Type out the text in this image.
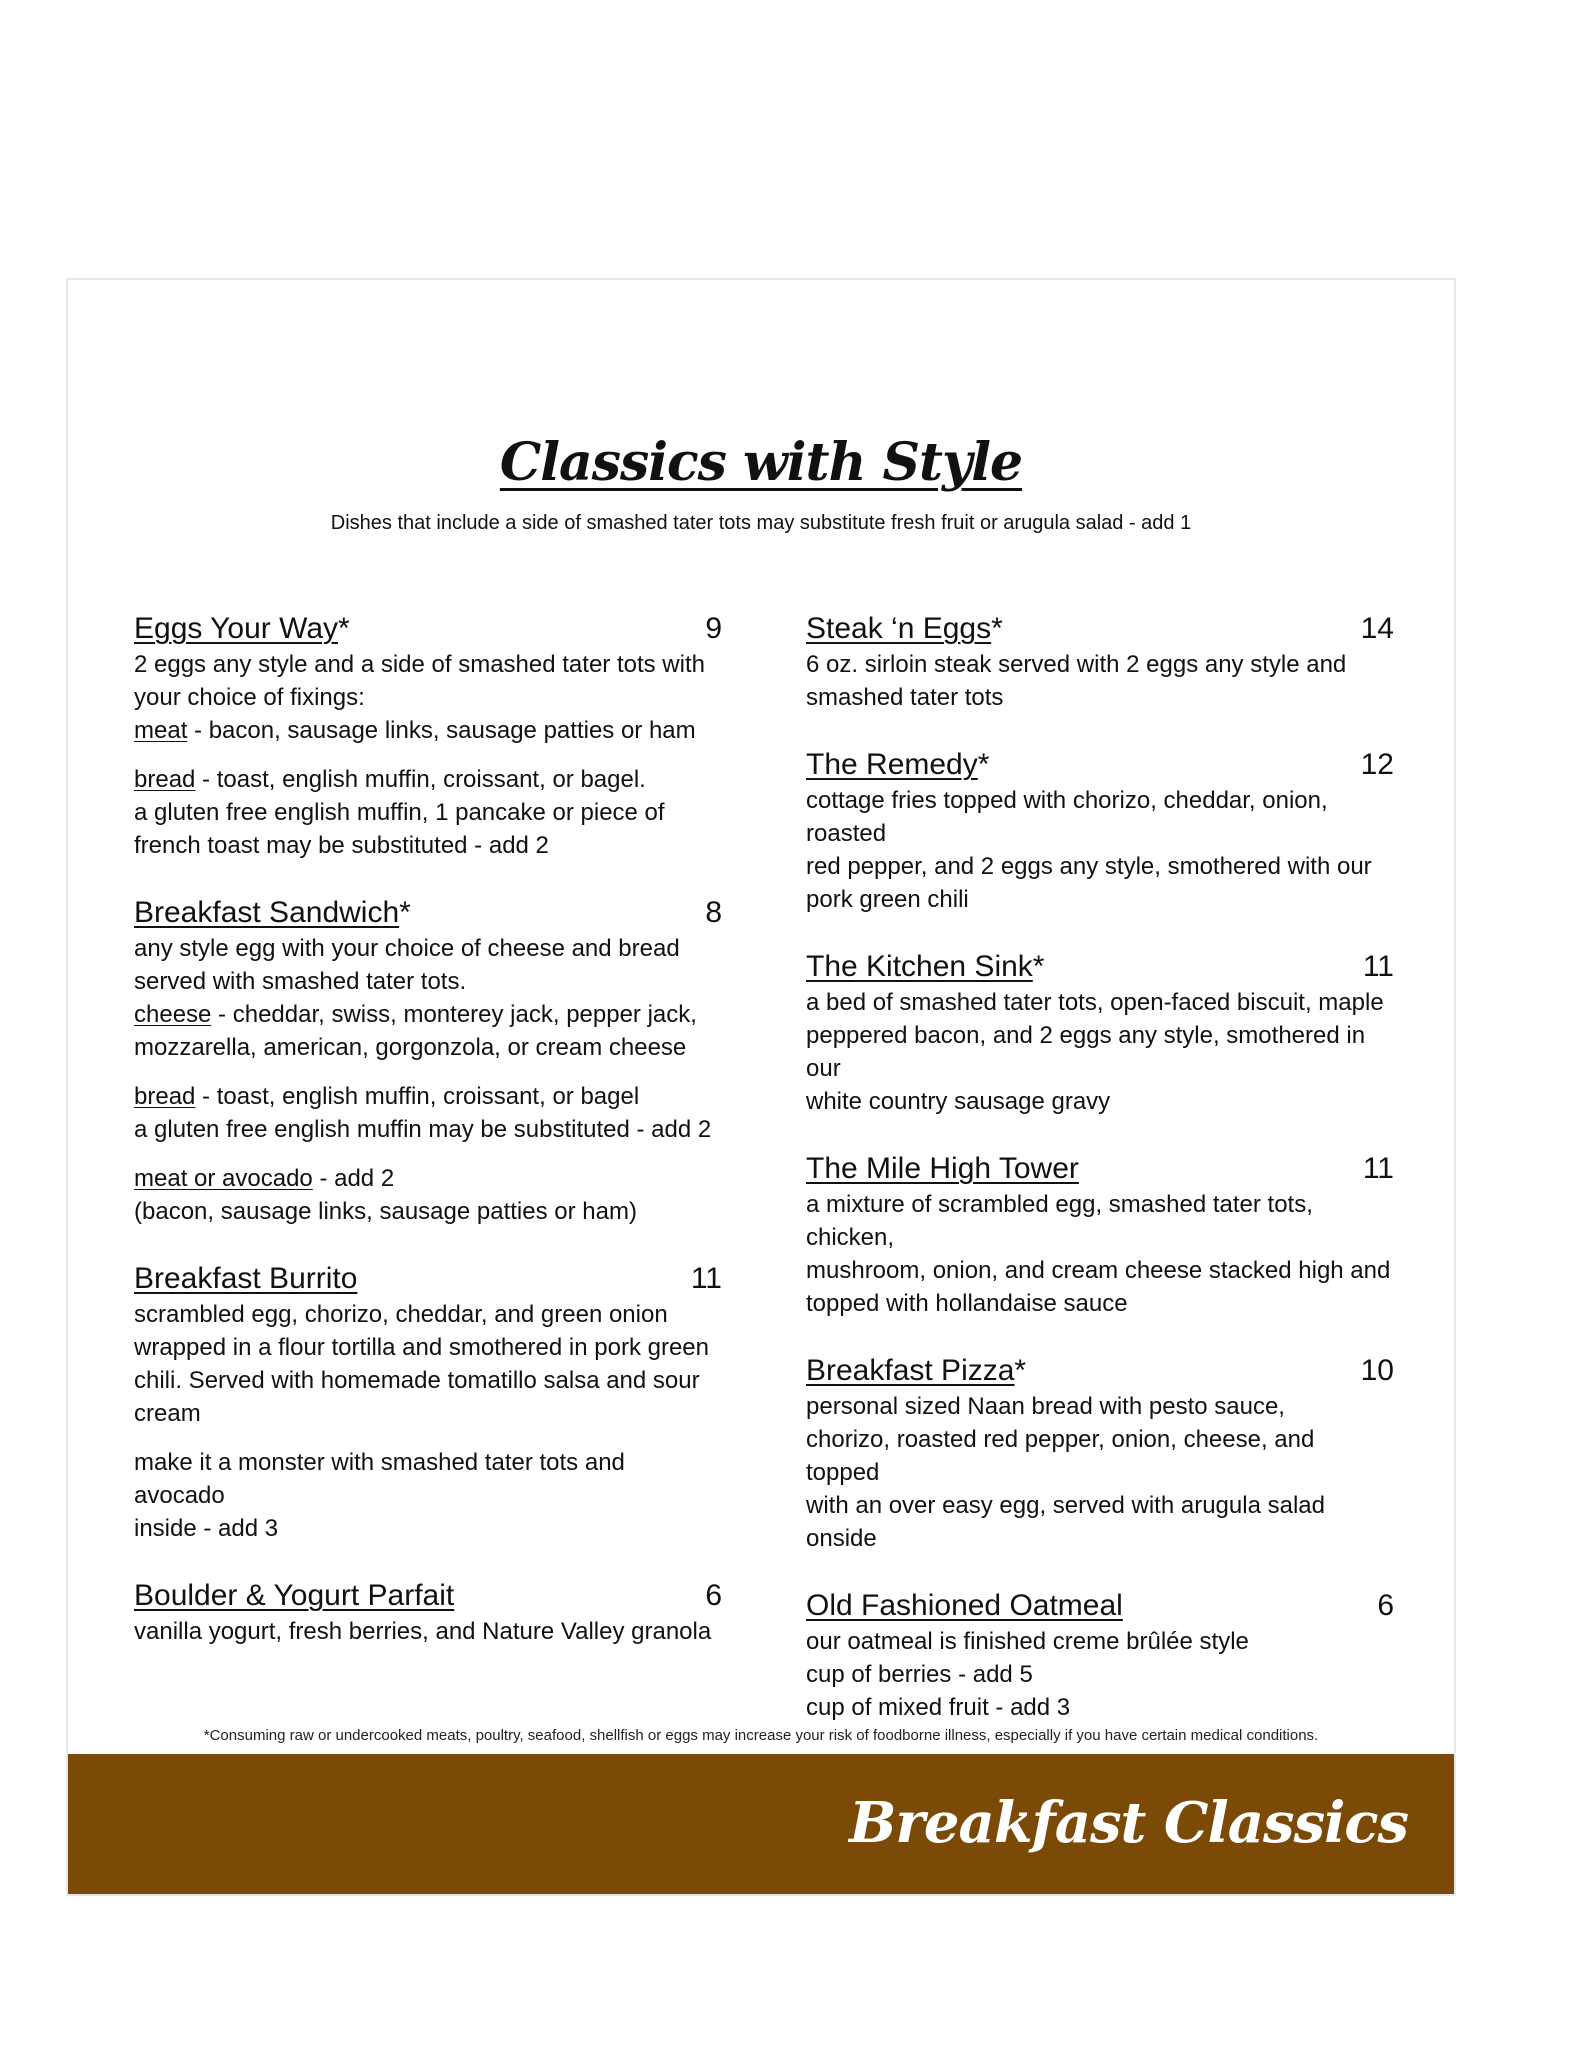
Classics with Style
Dishes that include a side of smashed tater tots may substitute fresh fruit or arugula salad - add 1
Eggs Your Way*	9

2 eggs any style and a side of smashed tater tots with

your choice of fixings:

meat - bacon, sausage links, sausage patties or ham

bread - toast, english muffin, croissant, or bagel.

a gluten free english muffin, 1 pancake or piece of

french toast may be substituted - add 2

Breakfast Sandwich*	8

any style egg with your choice of cheese and bread

served with smashed tater tots.

cheese - cheddar, swiss, monterey jack, pepper jack,

mozzarella, american, gorgonzola, or cream cheese

bread - toast, english muffin, croissant, or bagel

a gluten free english muffin may be substituted - add 2

meat or avocado - add 2

(bacon, sausage links, sausage patties or ham)

Breakfast Burrito	11

scrambled egg, chorizo, cheddar, and green onion

wrapped in a flour tortilla and smothered in pork green

chili. Served with homemade tomatillo salsa and sour

cream

make it a monster with smashed tater tots and avocado

inside - add 3

Boulder & Yogurt Parfait	6

vanilla yogurt, fresh berries, and Nature Valley granola

Steak ‘n Eggs*	14

6 oz. sirloin steak served with 2 eggs any style and

smashed tater tots

The Remedy*	12

cottage fries topped with chorizo, cheddar, onion, roasted

red pepper, and 2 eggs any style, smothered with our

pork green chili

The Kitchen Sink*	11

a bed of smashed tater tots, open-faced biscuit, maple

peppered bacon, and 2 eggs any style, smothered in our

white country sausage gravy

The Mile High Tower	11

a mixture of scrambled egg, smashed tater tots, chicken,

mushroom, onion, and cream cheese stacked high and

topped with hollandaise sauce

Breakfast Pizza*	10

personal sized Naan bread with pesto sauce,

chorizo, roasted red pepper, onion, cheese, and topped

with an over easy egg, served with arugula salad onside

Old Fashioned Oatmeal	6

our oatmeal is finished creme brûlée style

cup of berries - add 5

cup of mixed fruit - add 3

*Consuming raw or undercooked meats, poultry, seafood, shellfish or eggs may increase your risk of foodborne illness, especially if you have certain medical conditions.
Breakfast Classics
